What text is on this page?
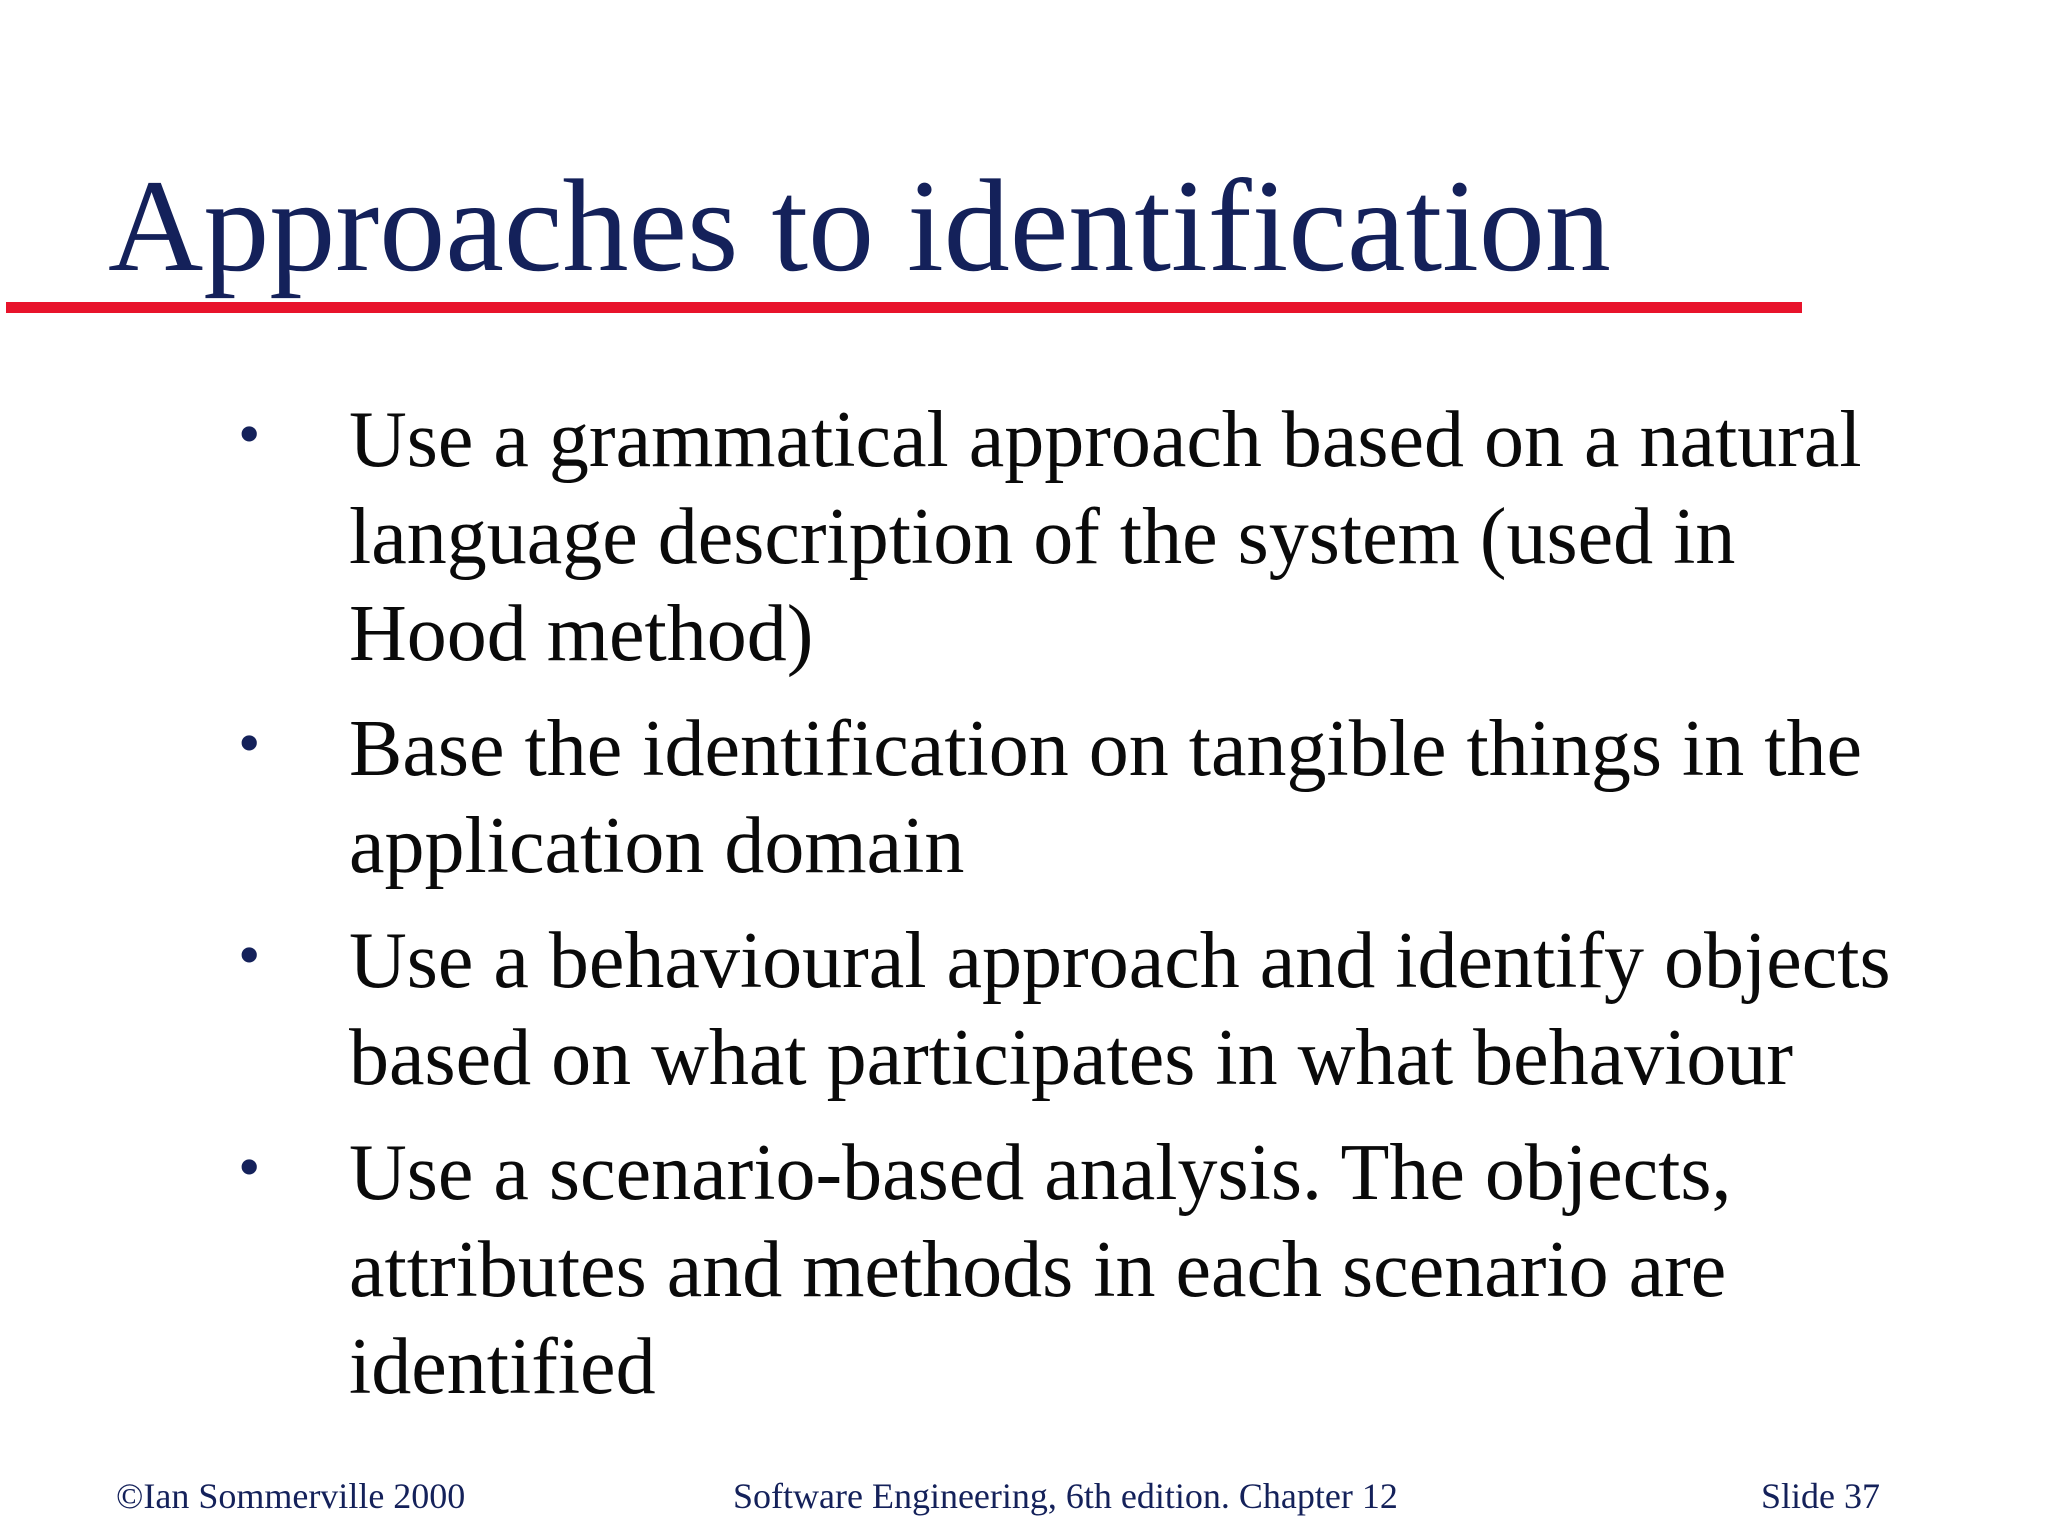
Approaches to identification
• Use a grammatical approach based on a natural language description of the system (used in Hood method)
• Base the identification on tangible things in the application domain
• Use a behavioural approach and identify objects based on what participates in what behaviour
• Use a scenario-based analysis. The objects, attributes and methods in each scenario are identified
©Ian Sommerville 2000	Software Engineering, 6th edition. Chapter 12	Slide 37
